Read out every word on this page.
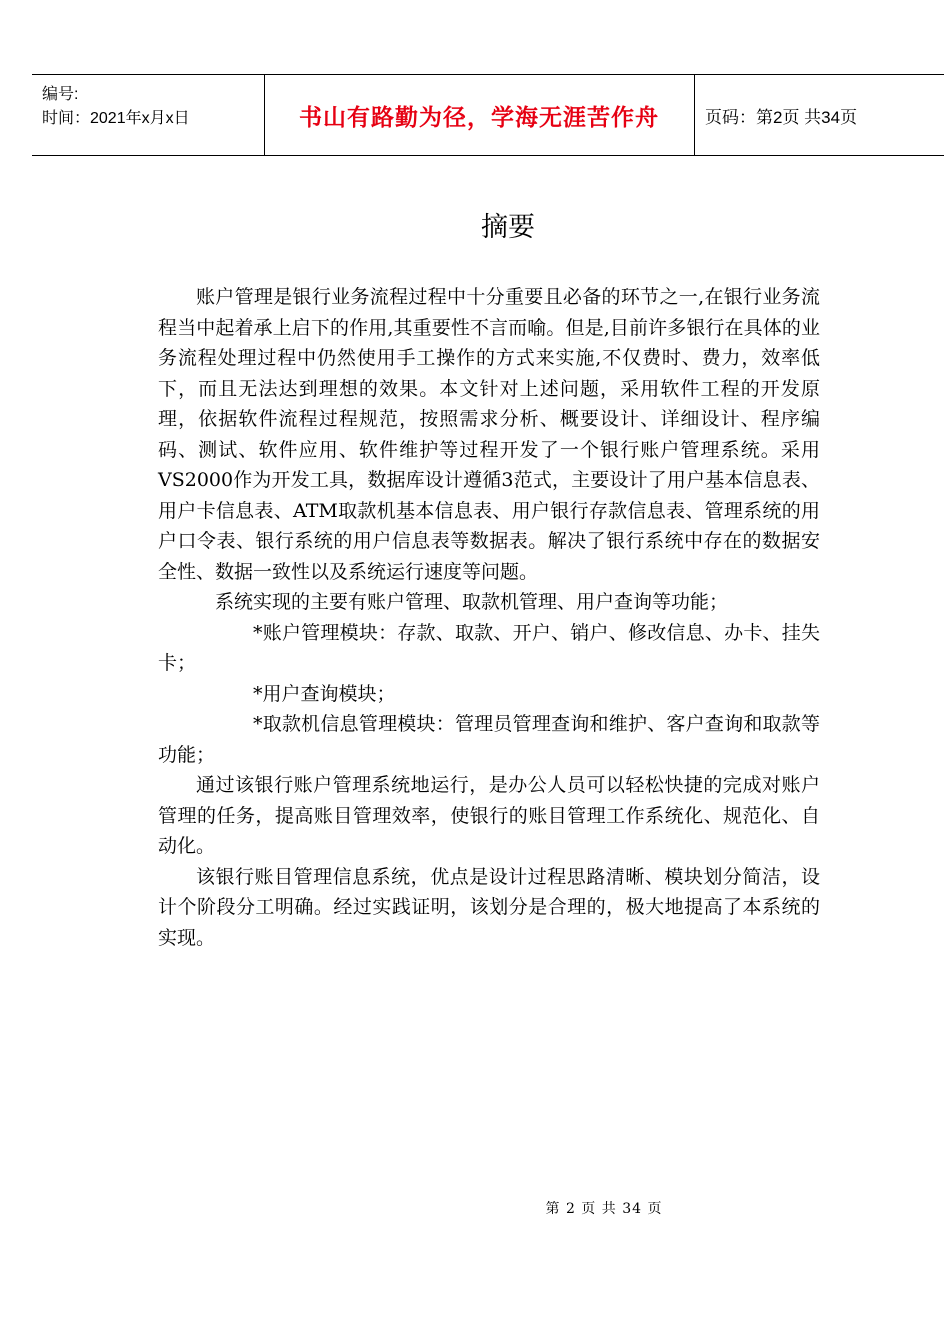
编号:
时间：2021年x月x日	书山有路勤为径，学海无涯苦作舟	页码：第2页 共34页
摘要

账户管理是银行业务流程过程中十分重要且必备的环节之一,在银行业务流程当中起着承上启下的作用,其重要性不言而喻。但是,目前许多银行在具体的业务流程处理过程中仍然使用手工操作的方式来实施,不仅费时、费力，效率低下，而且无法达到理想的效果。本文针对上述问题，采用软件工程的开发原理，依据软件流程过程规范，按照需求分析、概要设计、详细设计、程序编码、测试、软件应用、软件维护等过程开发了一个银行账户管理系统。采用VS2000作为开发工具，数据库设计遵循3范式，主要设计了用户基本信息表、用户卡信息表、ATM取款机基本信息表、用户银行存款信息表、管理系统的用户口令表、银行系统的用户信息表等数据表。解决了银行系统中存在的数据安全性、数据一致性以及系统运行速度等问题。

系统实现的主要有账户管理、取款机管理、用户查询等功能；

*账户管理模块：存款、取款、开户、销户、修改信息、办卡、挂失卡；

*用户查询模块；

*取款机信息管理模块：管理员管理查询和维护、客户查询和取款等功能；

通过该银行账户管理系统地运行，是办公人员可以轻松快捷的完成对账户管理的任务，提高账目管理效率，使银行的账目管理工作系统化、规范化、自动化。

该银行账目管理信息系统，优点是设计过程思路清晰、模块划分简洁，设计个阶段分工明确。经过实践证明，该划分是合理的，极大地提高了本系统的实现。

第 2 页 共 34 页
